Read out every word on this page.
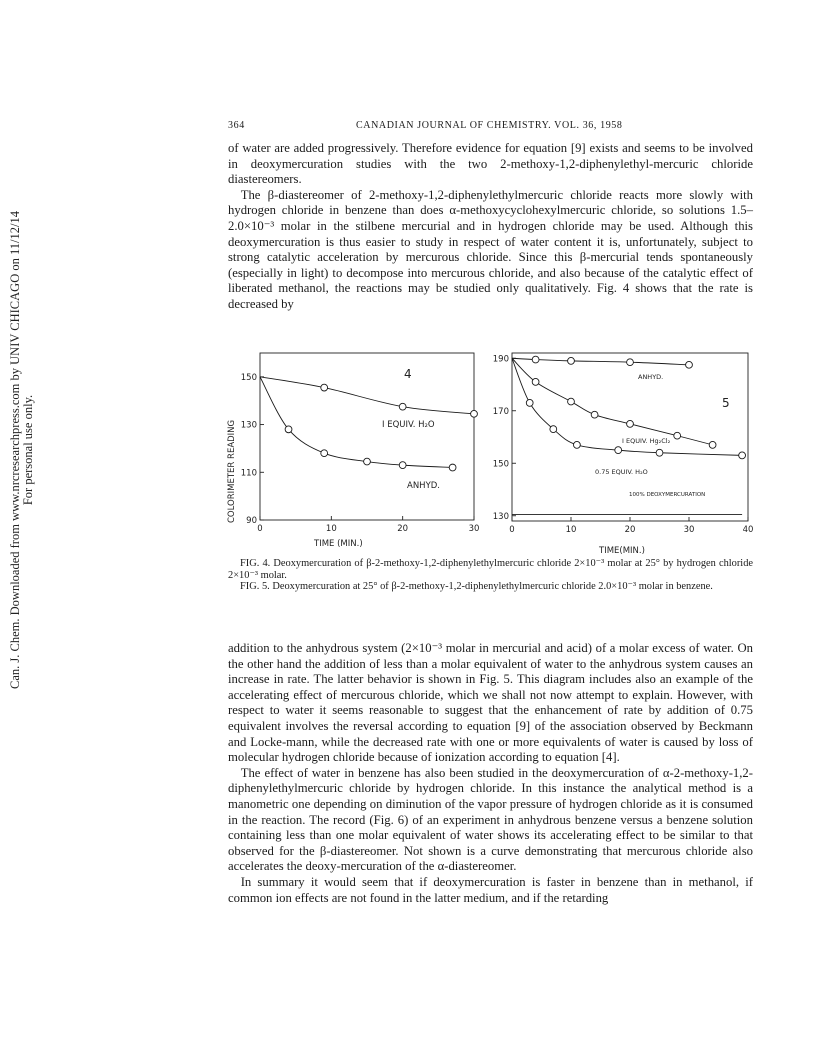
Can. J. Chem. Downloaded from www.nrcresearchpress.com by UNIV CHICAGO on 11/12/14 For personal use only.
364	CANADIAN JOURNAL OF CHEMISTRY. VOL. 36, 1958

of water are added progressively. Therefore evidence for equation [9] exists and seems to be involved in deoxymercuration studies with the two 2-methoxy-1,2-diphenylethyl-mercuric chloride diastereomers.
 The β-diastereomer of 2-methoxy-1,2-diphenylethylmercuric chloride reacts more slowly with hydrogen chloride in benzene than does α-methoxycyclohexylmercuric chloride, so solutions 1.5–2.0×10⁻³ molar in the stilbene mercurial and in hydrogen chloride may be used. Although this deoxymercuration is thus easier to study in respect of water content it is, unfortunately, subject to strong catalytic acceleration by mercurous chloride. Since this β-mercurial tends spontaneously (especially in light) to decompose into mercurous chloride, and also because of the catalytic effect of liberated methanol, the reactions may be studied only qualitatively. Fig. 4 shows that the rate is decreased by

0	10	20	30
90
110
130
150	4
I EQUIV. H₂O
ANHYD.
TIME (MIN.)
COLORIMETER READING
0	10	20	30	40
130
150
170
190
5
ANHYD.
I EQUIV. Hg₂Cl₂
0.75 EQUIV. H₂O
100% DEOXYMERCURATION
TIME(MIN.)
FIG. 4. Deoxymercuration of β-2-methoxy-1,2-diphenylethylmercuric chloride 2×10⁻³ molar at 25° by hydrogen chloride 2×10⁻³ molar.
FIG. 5. Deoxymercuration at 25° of β-2-methoxy-1,2-diphenylethylmercuric chloride 2.0×10⁻³ molar in benzene.

addition to the anhydrous system (2×10⁻³ molar in mercurial and acid) of a molar excess of water. On the other hand the addition of less than a molar equivalent of water to the anhydrous system causes an increase in rate. The latter behavior is shown in Fig. 5. This diagram includes also an example of the accelerating effect of mercurous chloride, which we shall not now attempt to explain. However, with respect to water it seems reasonable to suggest that the enhancement of rate by addition of 0.75 equivalent involves the reversal according to equation [9] of the association observed by Beckmann and Locke-mann, while the decreased rate with one or more equivalents of water is caused by loss of molecular hydrogen chloride because of ionization according to equation [4].
 The effect of water in benzene has also been studied in the deoxymercuration of α-2-methoxy-1,2-diphenylethylmercuric chloride by hydrogen chloride. In this instance the analytical method is a manometric one depending on diminution of the vapor pressure of hydrogen chloride as it is consumed in the reaction. The record (Fig. 6) of an experiment in anhydrous benzene versus a benzene solution containing less than one molar equivalent of water shows its accelerating effect to be similar to that observed for the β-diastereomer. Not shown is a curve demonstrating that mercurous chloride also accelerates the deoxy-mercuration of the α-diastereomer.
 In summary it would seem that if deoxymercuration is faster in benzene than in methanol, if common ion effects are not found in the latter medium, and if the retarding
